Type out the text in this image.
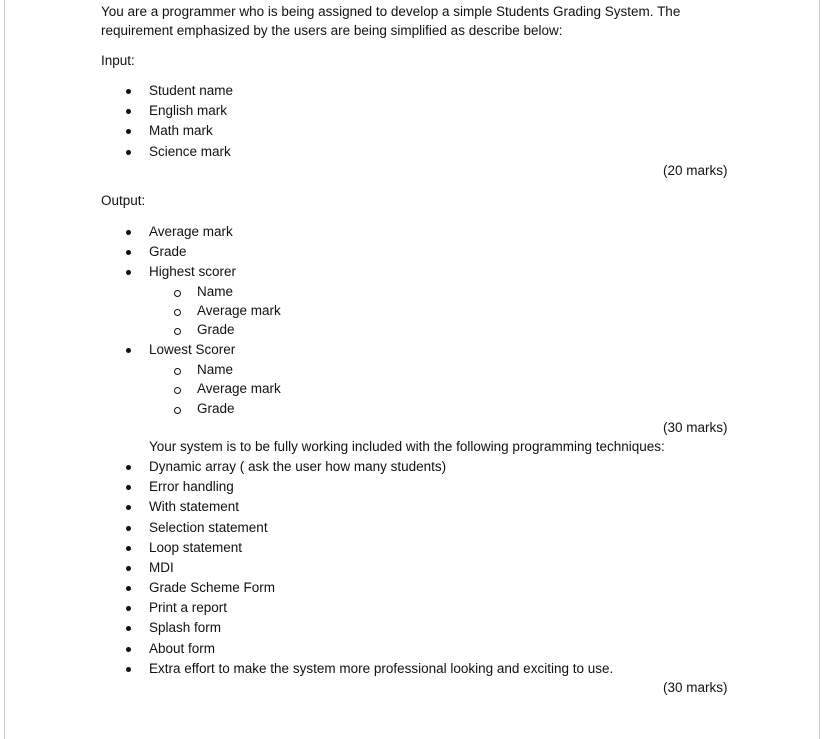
You are a programmer who is being assigned to develop a simple Students Grading System. The
requirement emphasized by the users are being simplified as describe below:
Input:
Student name
English mark
Math mark
Science mark
(20 marks)
Output:
Average mark
Grade
Highest scorer
Name
Average mark
Grade
Lowest Scorer
Name
Average mark
Grade
(30 marks)
Your system is to be fully working included with the following programming techniques:
Dynamic array ( ask the user how many students)
Error handling
With statement
Selection statement
Loop statement
MDI
Grade Scheme Form
Print a report
Splash form
About form
Extra effort to make the system more professional looking and exciting to use.
(30 marks)
